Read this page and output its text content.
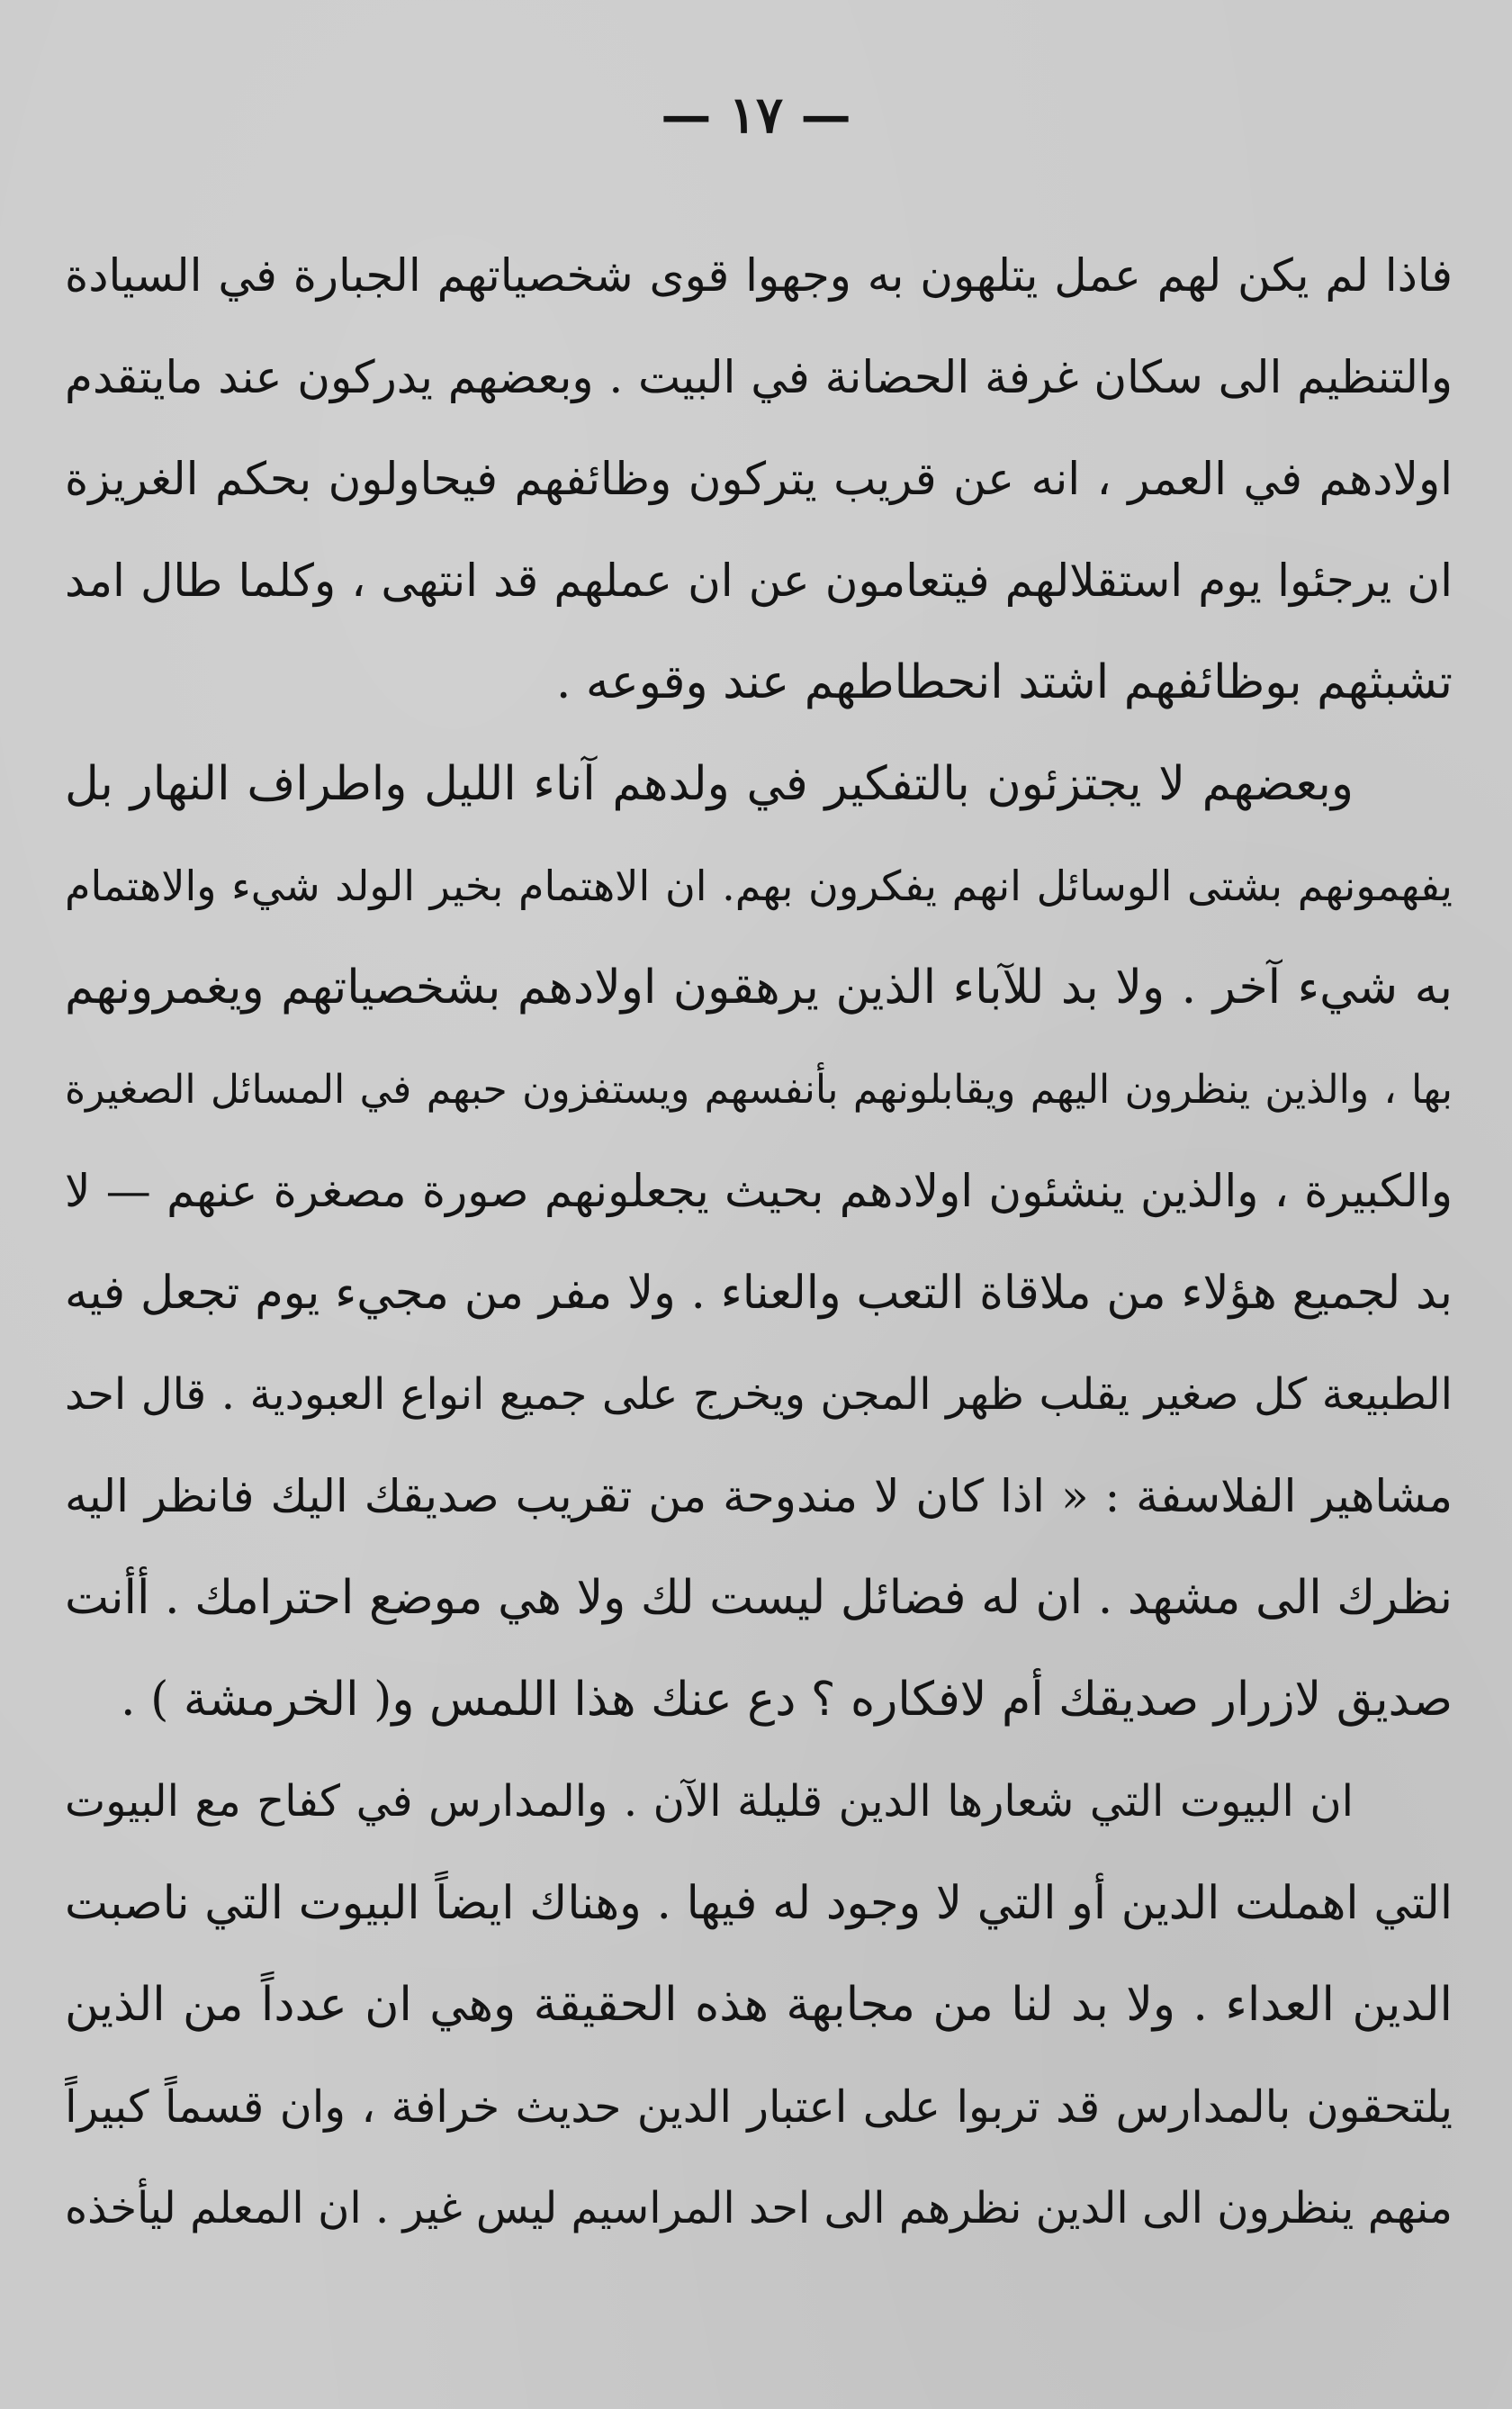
— ١٧ —
فاذا لم يكن لهم عمل يتلهون به وجهوا قوى شخصياتهم الجبارة في السيادة
والتنظيم الى سكان غرفة الحضانة في البيت . وبعضهم يدركون عند مايتقدم
اولادهم في العمر ، انه عن قريب يتركون وظائفهم فيحاولون بحكم الغريزة
ان يرجئوا يوم استقلالهم فيتعامون عن ان عملهم قد انتهى ، وكلما طال امد
تشبثهم بوظائفهم اشتد انحطاطهم عند وقوعه .
وبعضهم لا يجتزئون بالتفكير في ولدهم آناء الليل واطراف النهار بل
يفهمونهم بشتى الوسائل انهم يفكرون بهم. ان الاهتمام بخير الولد شيء والاهتمام
به شيء آخر . ولا بد للآباء الذين يرهقون اولادهم بشخصياتهم ويغمرونهم
بها ، والذين ينظرون اليهم ويقابلونهم بأنفسهم ويستفزون حبهم في المسائل الصغيرة
والكبيرة ، والذين ينشئون اولادهم بحيث يجعلونهم صورة مصغرة عنهم — لا
بد لجميع هؤلاء من ملاقاة التعب والعناء . ولا مفر من مجيء يوم تجعل فيه
الطبيعة كل صغير يقلب ظهر المجن ويخرج على جميع انواع العبودية . قال احد
مشاهير الفلاسفة : « اذا كان لا مندوحة من تقريب صديقك اليك فانظر اليه
نظرك الى مشهد . ان له فضائل ليست لك ولا هي موضع احترامك . أأنت
صديق لازرار صديقك أم لافكاره ؟ دع عنك هذا اللمس و( الخرمشة ) .
ان البيوت التي شعارها الدين قليلة الآن . والمدارس في كفاح مع البيوت
التي اهملت الدين أو التي لا وجود له فيها . وهناك ايضاً البيوت التي ناصبت
الدين العداء . ولا بد لنا من مجابهة هذه الحقيقة وهي ان عدداً من الذين
يلتحقون بالمدارس قد تربوا على اعتبار الدين حديث خرافة ، وان قسماً كبيراً
منهم ينظرون الى الدين نظرهم الى احد المراسيم ليس غير . ان المعلم ليأخذه
